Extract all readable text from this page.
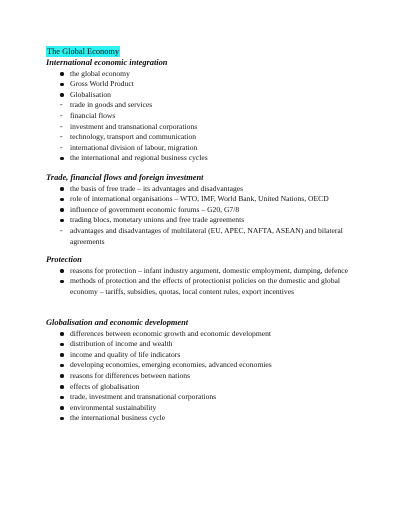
The Global Economy
International economic integration
the global economy
Gross World Product
Globalisation
trade in goods and services
financial flows
investment and transnational corporations
technology, transport and communication
international division of labour, migration
the international and regional business cycles
Trade, financial flows and foreign investment
the basis of free trade – its advantages and disadvantages
role of international organisations – WTO, IMF, World Bank, United Nations, OECD
influence of government economic forums – G20, G7/8
trading blocs, monetary unions and free trade agreements
advantages and disadvantages of multilateral (EU, APEC, NAFTA, ASEAN) and bilateral agreements
Protection
reasons for protection – infant industry argument, domestic employment, dumping, defence
methods of protection and the effects of protectionist policies on the domestic and global economy – tariffs, subsidies, quotas, local content rules, export incentives
Globalisation and economic development
differences between economic growth and economic development
distribution of income and wealth
income and quality of life indicators
developing economies, emerging economies, advanced economies
reasons for differences between nations
effects of globalisation
trade, investment and transnational corporations
environmental sustainability
the international business cycle
